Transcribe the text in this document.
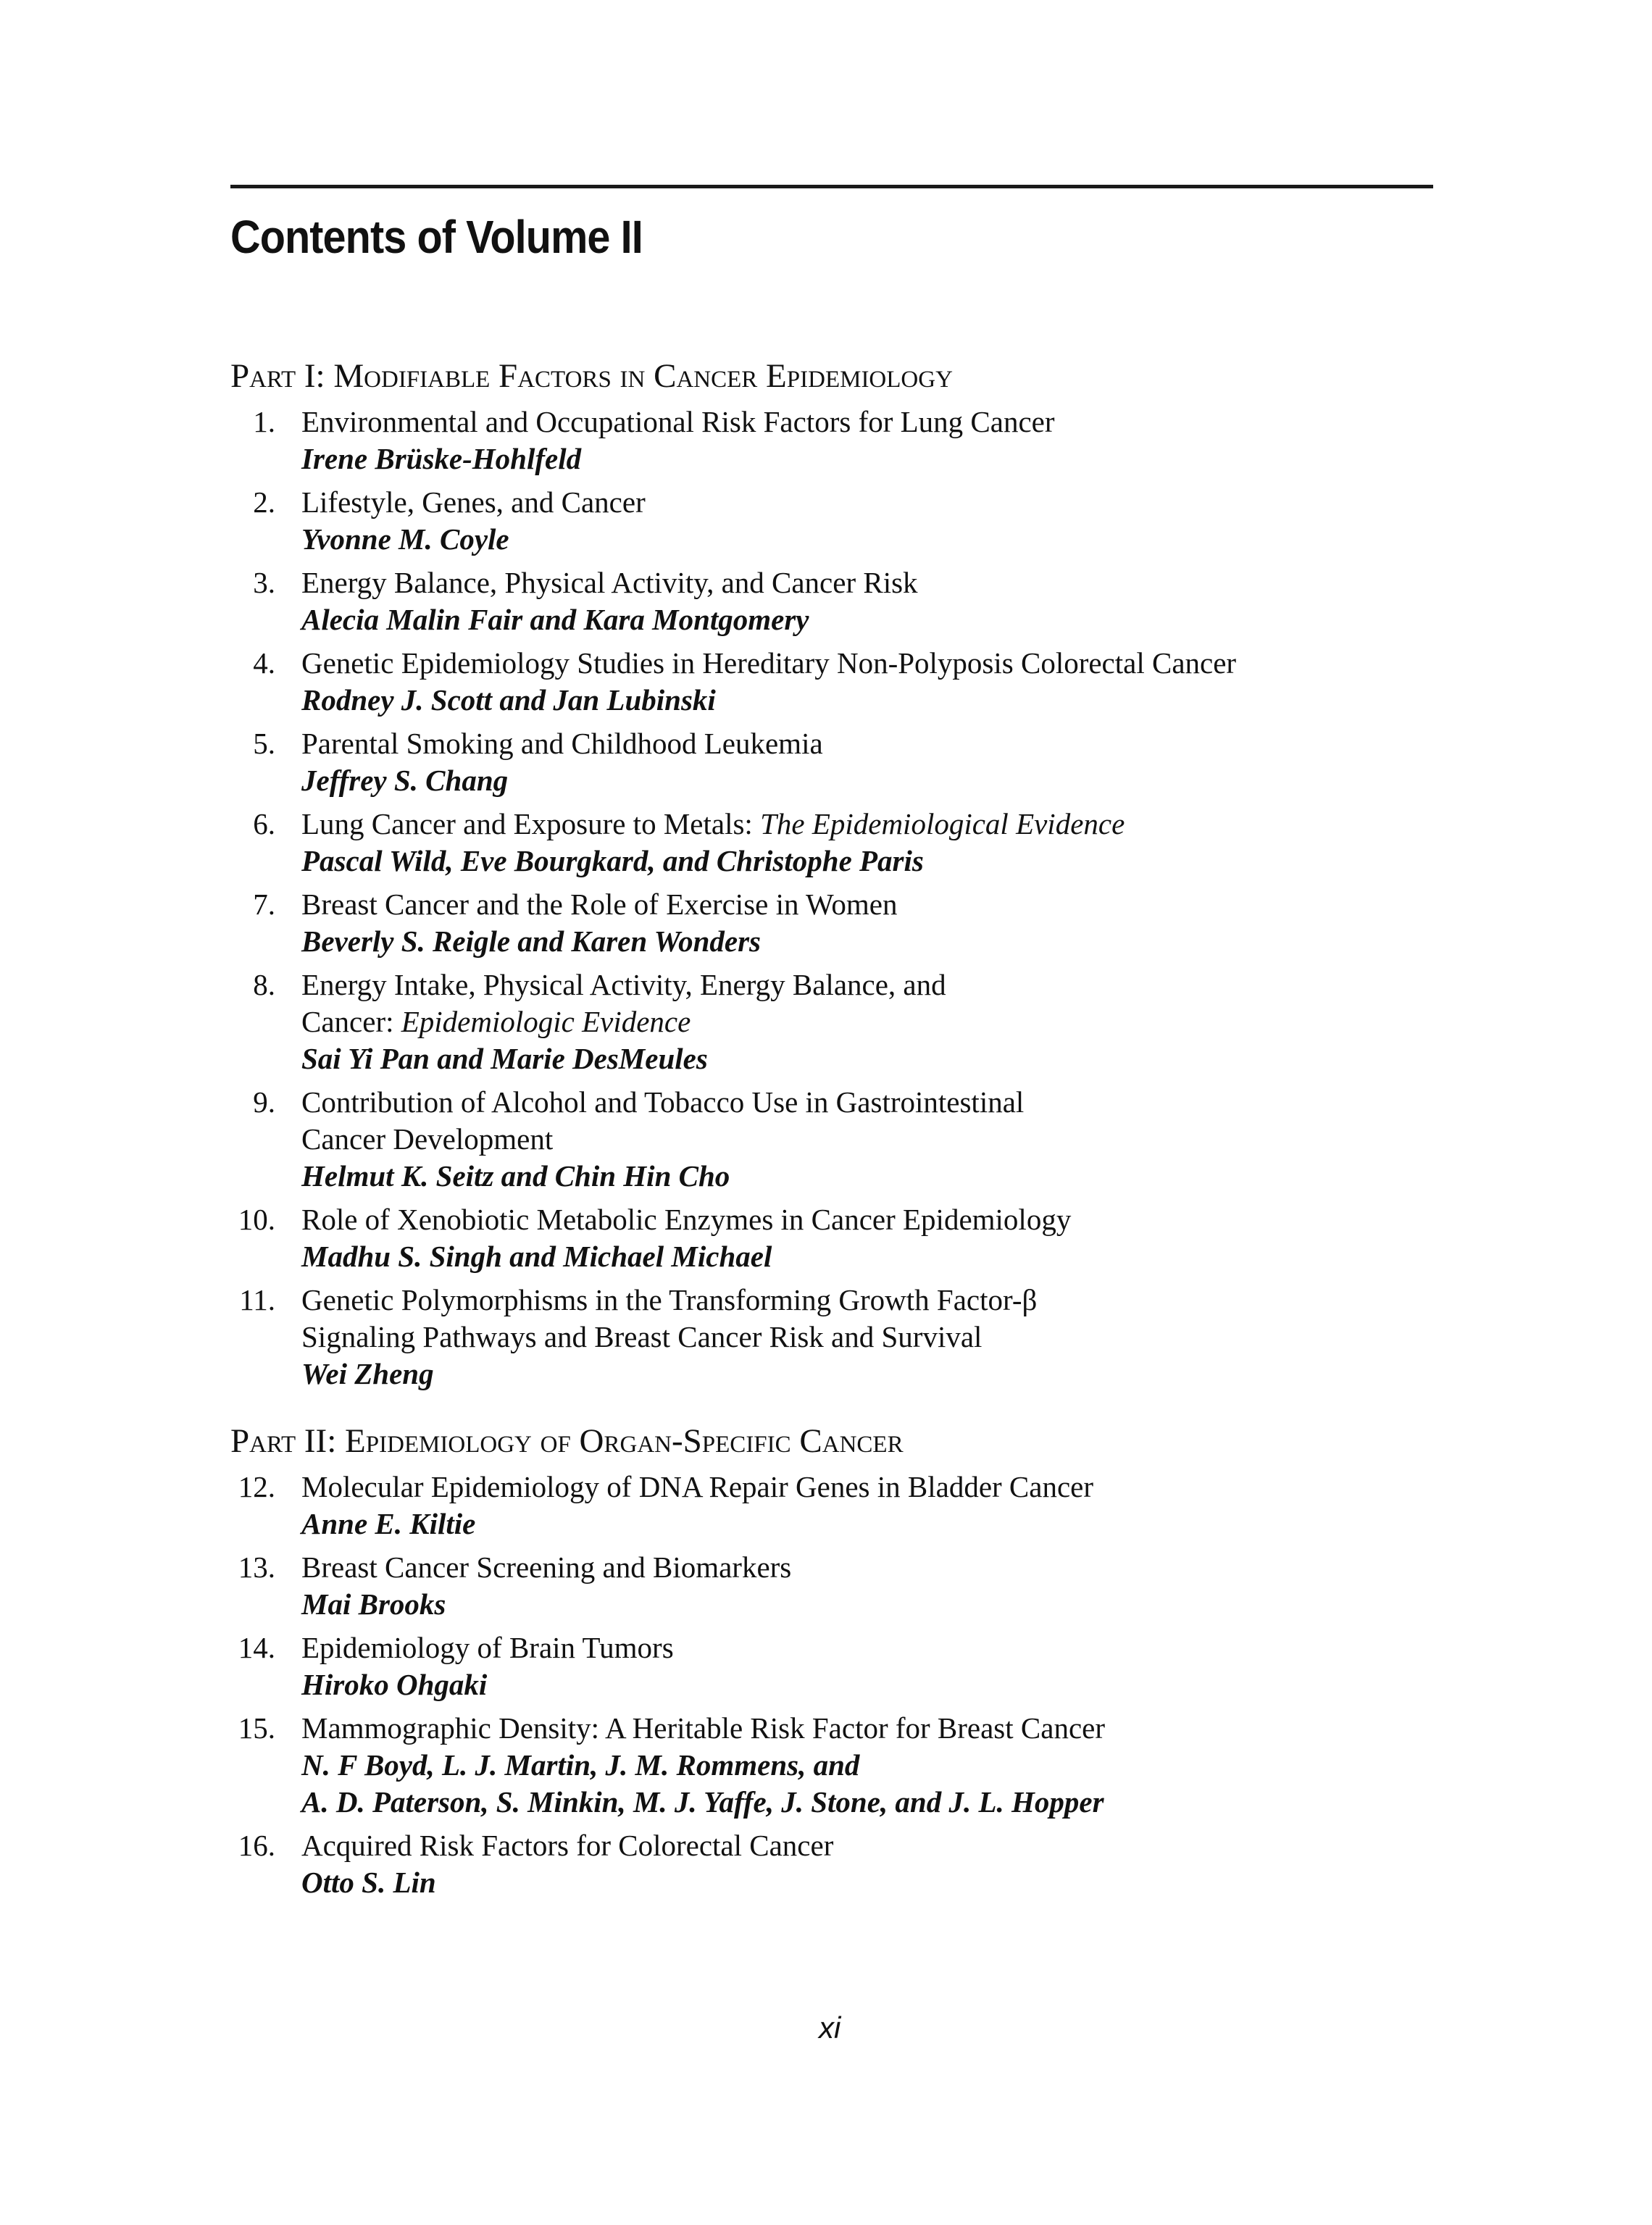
Contents of Volume II
Part I: Modifiable Factors in Cancer Epidemiology
1. Environmental and Occupational Risk Factors for Lung Cancer
Irene Brüske-Hohlfeld
2. Lifestyle, Genes, and Cancer
Yvonne M. Coyle
3. Energy Balance, Physical Activity, and Cancer Risk
Alecia Malin Fair and Kara Montgomery
4. Genetic Epidemiology Studies in Hereditary Non-Polyposis Colorectal Cancer
Rodney J. Scott and Jan Lubinski
5. Parental Smoking and Childhood Leukemia
Jeffrey S. Chang
6. Lung Cancer and Exposure to Metals: The Epidemiological Evidence
Pascal Wild, Eve Bourgkard, and Christophe Paris
7. Breast Cancer and the Role of Exercise in Women
Beverly S. Reigle and Karen Wonders
8. Energy Intake, Physical Activity, Energy Balance, and
Cancer: Epidemiologic Evidence
Sai Yi Pan and Marie DesMeules
9. Contribution of Alcohol and Tobacco Use in Gastrointestinal
Cancer Development
Helmut K. Seitz and Chin Hin Cho
10. Role of Xenobiotic Metabolic Enzymes in Cancer Epidemiology
Madhu S. Singh and Michael Michael
11. Genetic Polymorphisms in the Transforming Growth Factor-β
Signaling Pathways and Breast Cancer Risk and Survival
Wei Zheng
Part II: Epidemiology of Organ-Specific Cancer
12. Molecular Epidemiology of DNA Repair Genes in Bladder Cancer
Anne E. Kiltie
13. Breast Cancer Screening and Biomarkers
Mai Brooks
14. Epidemiology of Brain Tumors
Hiroko Ohgaki
15. Mammographic Density: A Heritable Risk Factor for Breast Cancer
N. F Boyd, L. J. Martin, J. M. Rommens, and
A. D. Paterson, S. Minkin, M. J. Yaffe, J. Stone, and J. L. Hopper
16. Acquired Risk Factors for Colorectal Cancer
Otto S. Lin
xi
